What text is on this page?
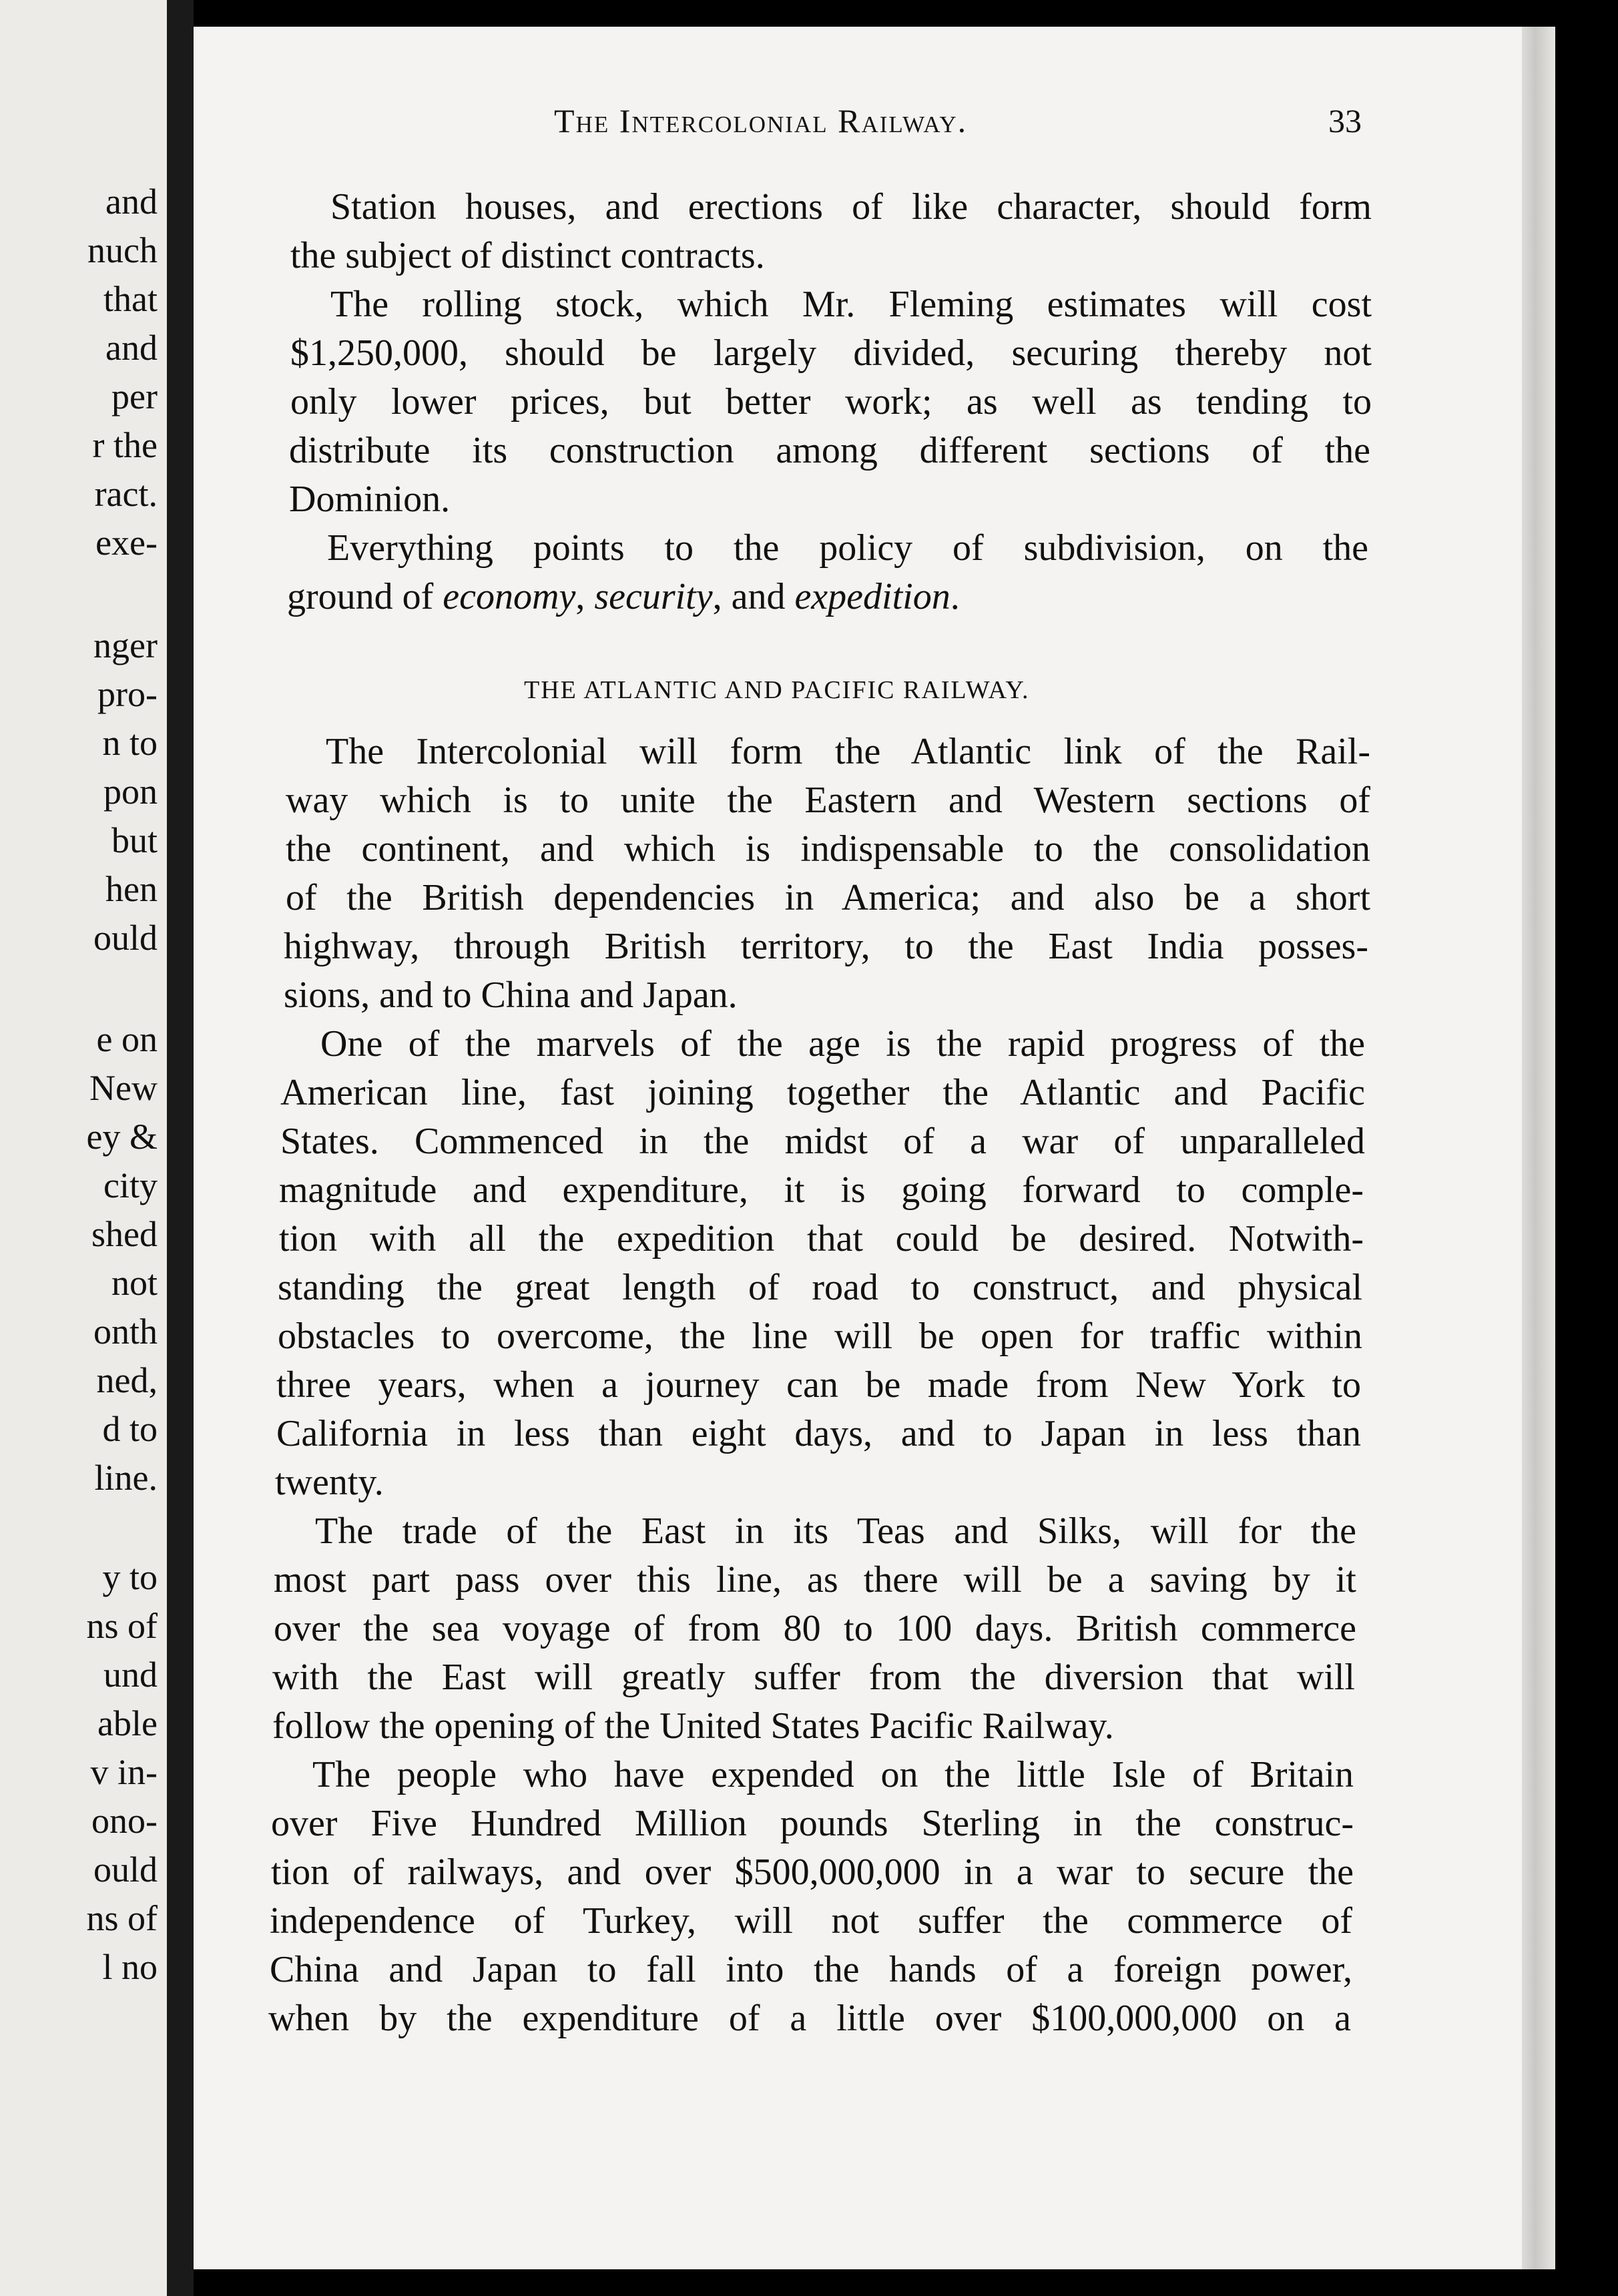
and
nuch
that
and
per
r the
ract.
exe-
nger
pro-
n to
pon
but
hen
ould
e on
New
ey &
city
shed
not
onth
ned,
d to
line.
y to
ns of
und
able
v in-
ono-
ould
ns of
l no
The Intercolonial Railway.	33
Station houses, and erections of like character, should form
the subject of distinct contracts.
The rolling stock, which Mr. Fleming estimates will cost
$1,250,000, should be largely divided, securing thereby not
only lower prices, but better work; as well as tending to
distribute its construction among different sections of the
Dominion.
Everything points to the policy of subdivision, on the
ground of economy, security, and expedition.
THE ATLANTIC AND PACIFIC RAILWAY.
The Intercolonial will form the Atlantic link of the Rail-
way which is to unite the Eastern and Western sections of
the continent, and which is indispensable to the consolidation
of the British dependencies in America; and also be a short
highway, through British territory, to the East India posses-
sions, and to China and Japan.
One of the marvels of the age is the rapid progress of the
American line, fast joining together the Atlantic and Pacific
States. Commenced in the midst of a war of unparalleled
magnitude and expenditure, it is going forward to comple-
tion with all the expedition that could be desired. Notwith-
standing the great length of road to construct, and physical
obstacles to overcome, the line will be open for traffic within
three years, when a journey can be made from New York to
California in less than eight days, and to Japan in less than
twenty.
The trade of the East in its Teas and Silks, will for the
most part pass over this line, as there will be a saving by it
over the sea voyage of from 80 to 100 days. British commerce
with the East will greatly suffer from the diversion that will
follow the opening of the United States Pacific Railway.
The people who have expended on the little Isle of Britain
over Five Hundred Million pounds Sterling in the construc-
tion of railways, and over $500,000,000 in a war to secure the
independence of Turkey, will not suffer the commerce of
China and Japan to fall into the hands of a foreign power,
when by the expenditure of a little over $100,000,000 on a
